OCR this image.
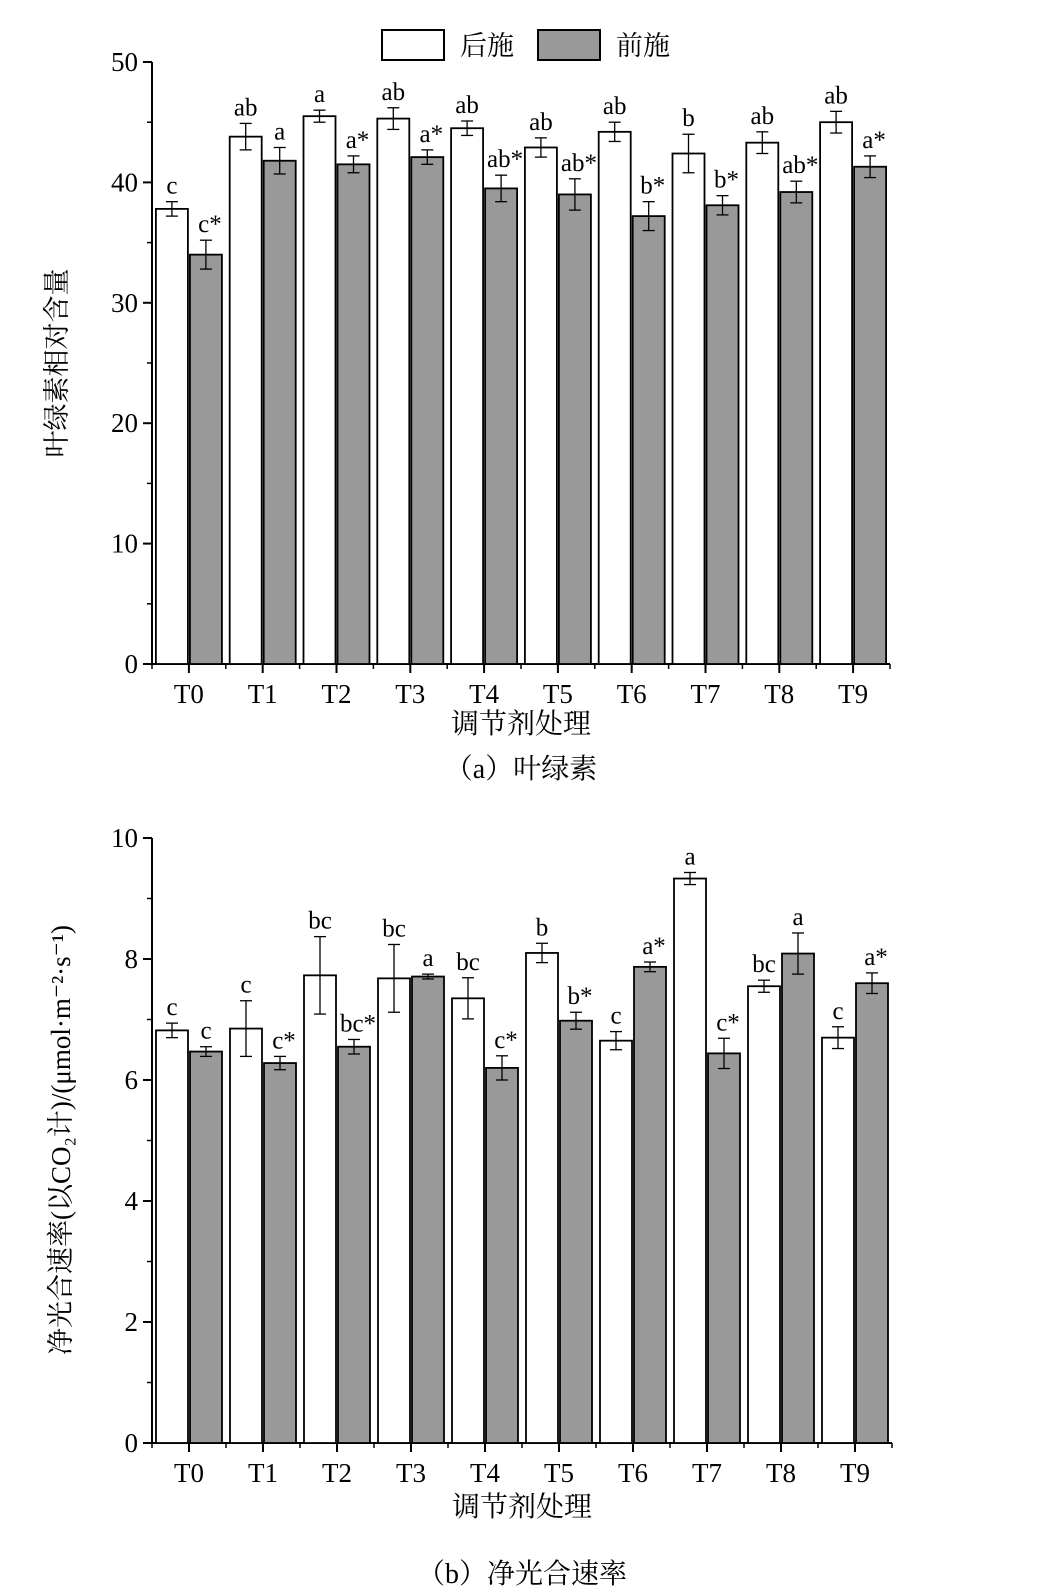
后施	前施
0
10
20
30
40
50
T0
c
c*
T1
ab
a
T2
a
a*
T3
ab
a*
T4
ab
ab*
T5
ab
ab*
T6
ab
b*
T7
b
b*
T8
ab
ab*
T9
ab
a*
调节剂处理
叶绿素相对含量
（a）叶绿素
0
2
4
6
8
10
T0
c
c
T1
c
c*
T2
bc
bc*
T3
bc
a
T4
bc
c*
T5
b
b*
T6
c
a*
T7
a
c*
T8
bc
a
T9
c
a*
调节剂处理
净光合速率(以CO₂计)/(μmol·m⁻²·s⁻¹)
（b）净光合速率
